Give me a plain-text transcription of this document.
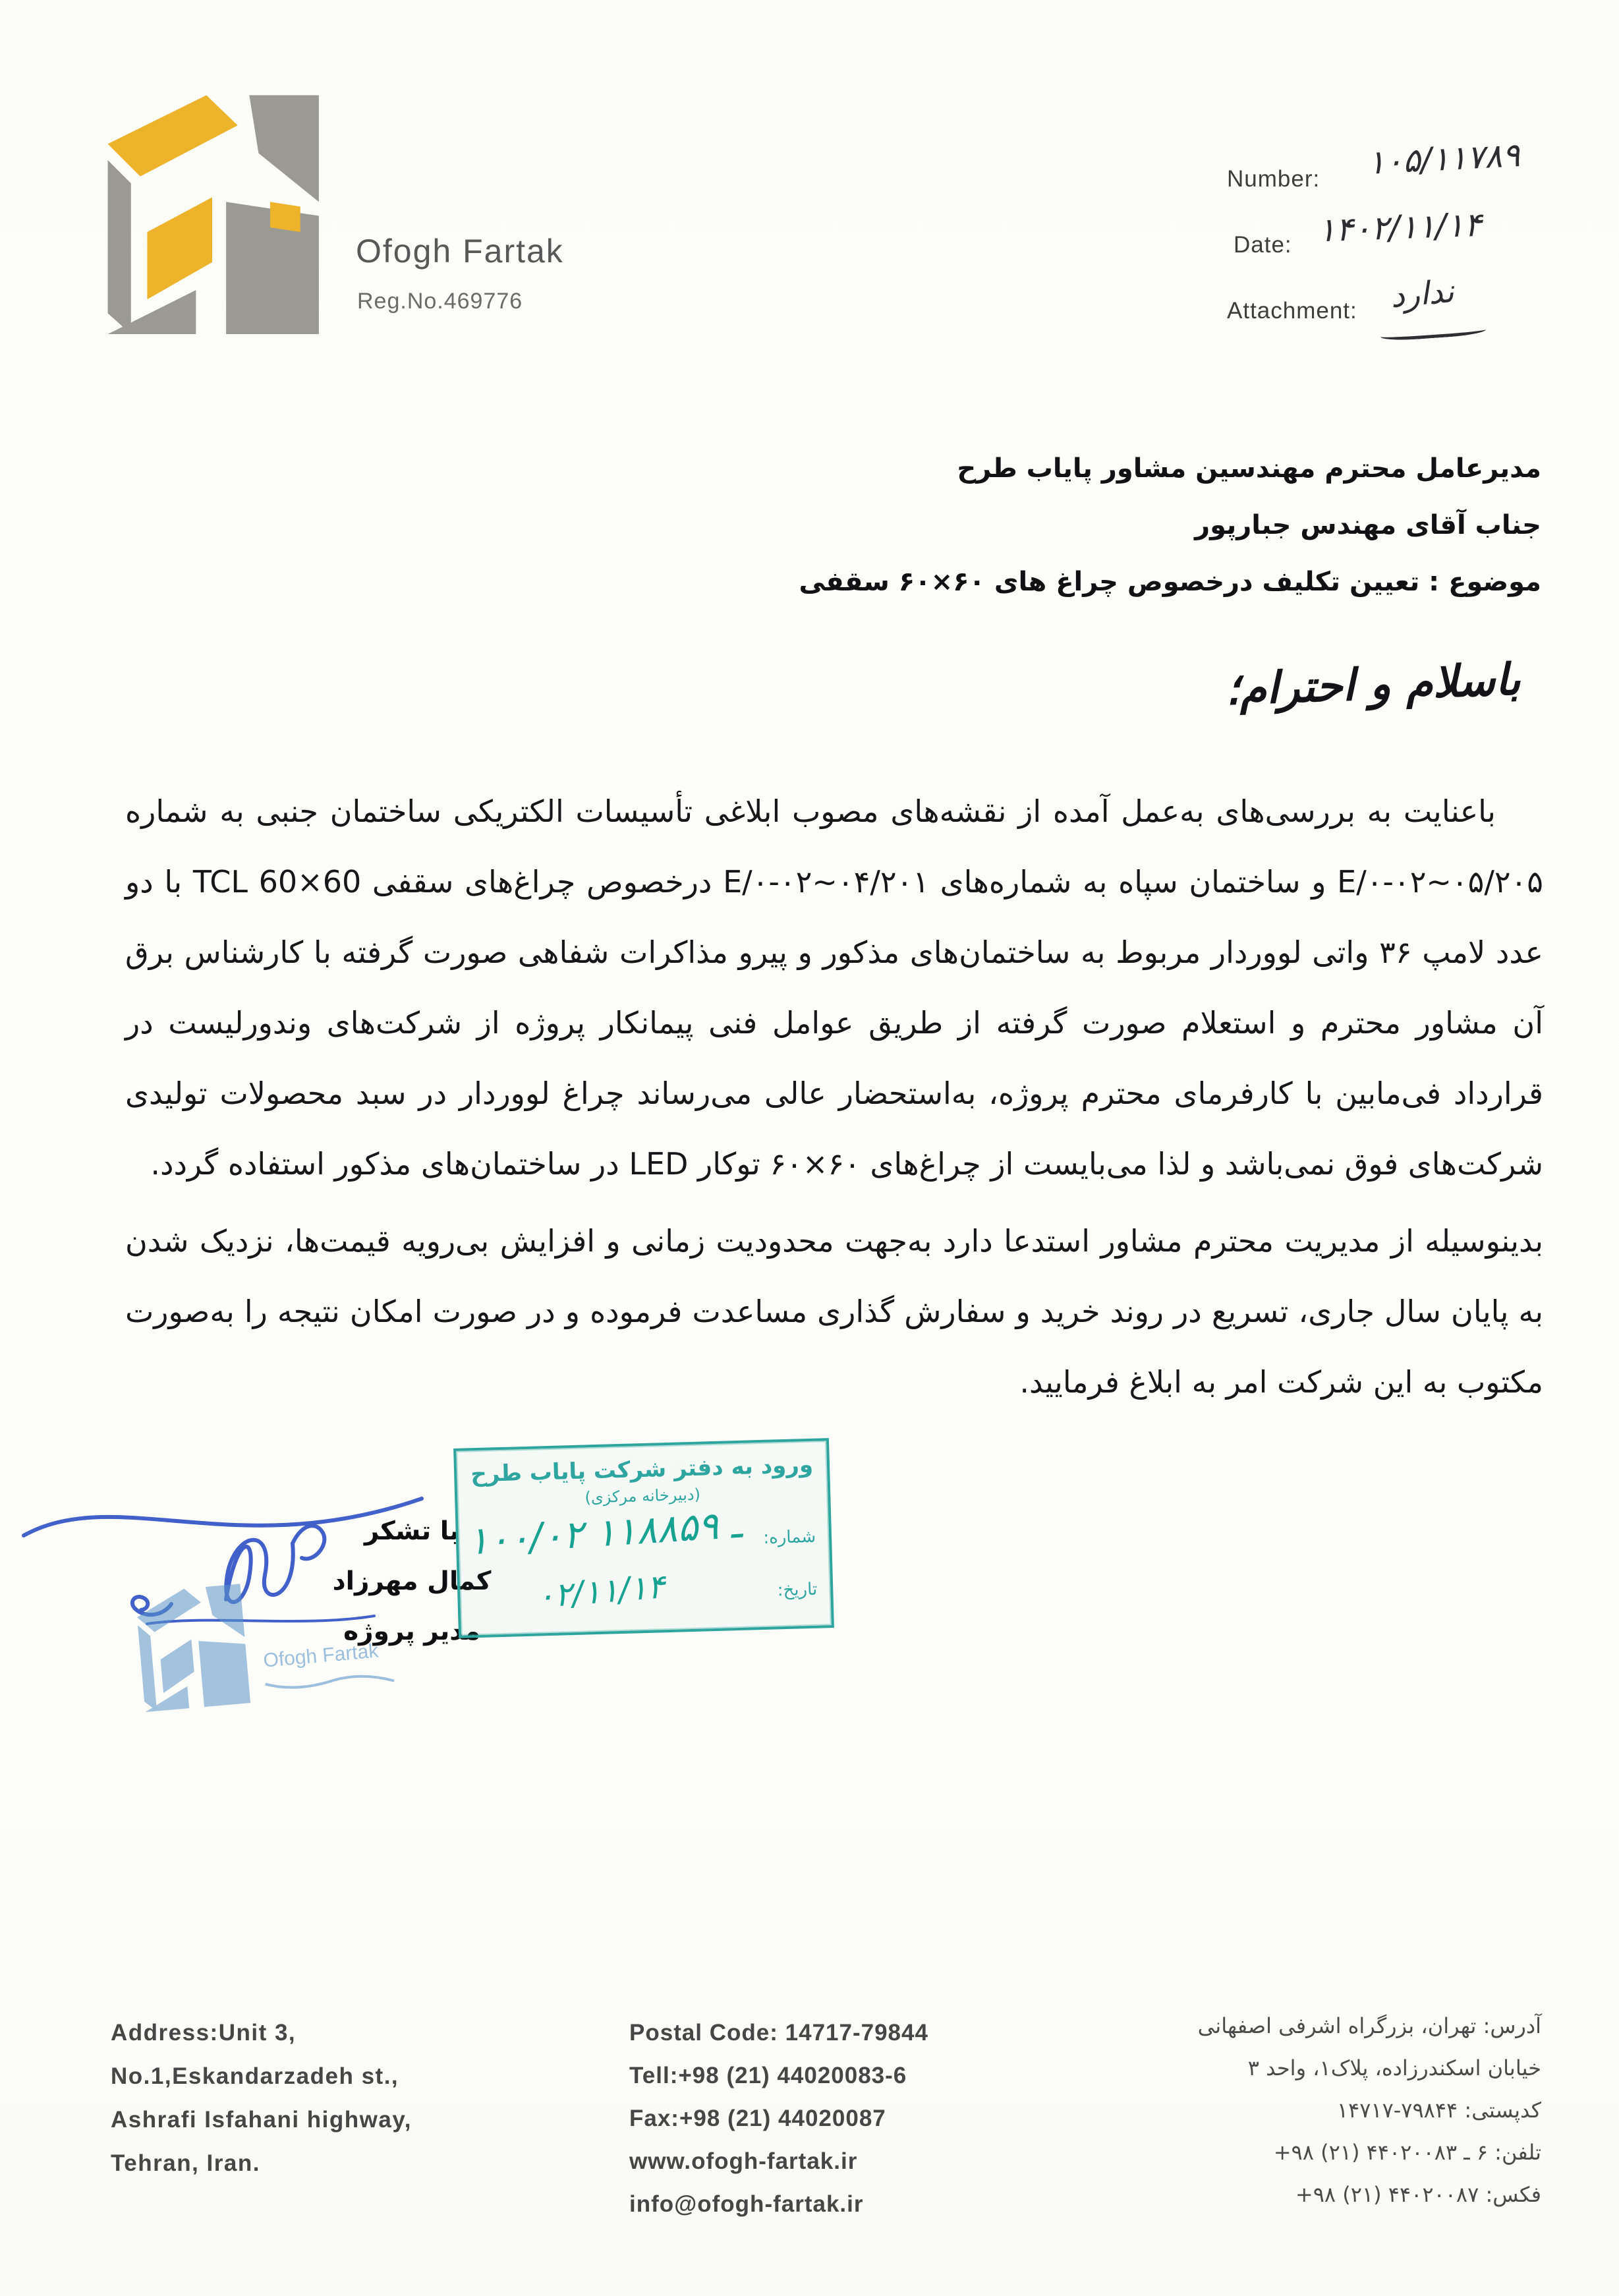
Ofogh Fartak
Reg.No.469776
Number: ۱۰۵/۱۱۷۸۹
Date: ۱۴۰۲/۱۱/۱۴
Attachment: ندارد
مدیرعامل محترم مهندسین مشاور پایاب طرح
جناب آقای مهندس جبارپور
موضوع : تعیین تکلیف درخصوص چراغ های ۶۰×۶۰ سقفی
باسلام و احترام؛

باعنایت به بررسی‌های به‌عمل آمده از نقشه‌های مصوب ابلاغی تأسیسات الکتریکی ساختمان جنبی به شماره ۲۰۵/E/۰-۰۲~۰۵ و ساختمان سپاه به شماره‌های ۲۰۱/E/۰-۰۲~۰۴ درخصوص چراغ‌های سقفی TCL 60×60 با دو عدد لامپ ۳۶ واتی لووردار مربوط به ساختمان‌های مذکور و پیرو مذاکرات شفاهی صورت گرفته با کارشناس برق آن مشاور محترم و استعلام صورت گرفته از طریق عوامل فنی پیمانکار پروژه از شرکت‌های وندورلیست در قرارداد فی‌مابین با کارفرمای محترم پروژه، به‌استحضار عالی می‌رساند چراغ لووردار در سبد محصولات تولیدی شرکت‌های فوق نمی‌باشد و لذا می‌بایست از چراغ‌های ۶۰×۶۰ توکار LED در ساختمان‌های مذکور استفاده گردد.

بدینوسیله از مدیریت محترم مشاور استدعا دارد به‌جهت محدودیت زمانی و افزایش بی‌رویه قیمت‌ها، نزدیک شدن به پایان سال جاری، تسریع در روند خرید و سفارش گذاری مساعدت فرموده و در صورت امکان نتیجه را به‌صورت مکتوب به این شرکت امر به ابلاغ فرمایید.

با تشکر
کمال مهرزاد
مدیر پروژه
Ofogh Fartak
ورود به دفتر شرکت پایاب طرح
(دبیرخانه مرکزی)
شماره:
تاریخ:
۱۰۰/۰۲ ـ ۱۱۸۸۵۹
۰۲/۱۱/۱۴
Address:Unit 3,
No.1,Eskandarzadeh st.,
Ashrafi Isfahani highway,
Tehran, Iran.
Postal Code: 14717-79844
Tell:+98 (21) 44020083-6
Fax:+98 (21) 44020087
www.ofogh-fartak.ir
info@ofogh-fartak.ir
آدرس: تهران، بزرگراه اشرفی اصفهانی
خیابان اسکندرزاده، پلاک۱، واحد ۳
کدپستی: ۷۹۸۴۴-۱۴۷۱۷
تلفن: ۶ ـ ۴۴۰۲۰۰۸۳ (۲۱) ۹۸+
فکس: ۴۴۰۲۰۰۸۷ (۲۱) ۹۸+
